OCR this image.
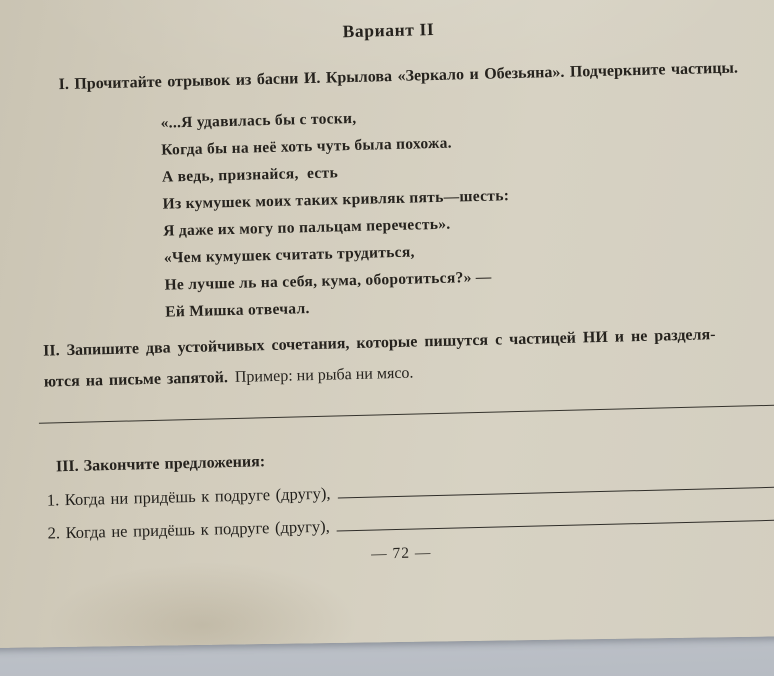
Вариант II
I. Прочитайте отрывок из басни И. Крылова «Зеркало и Обезьяна». Подчеркните частицы.
«...Я удавилась бы с тоски,
Когда бы на неё хоть чуть была похожа.
А ведь, признайся,  есть
Из кумушек моих таких кривляк пять—шесть:
Я даже их могу по пальцам перечесть».
«Чем кумушек считать трудиться,
Не лучше ль на себя, кума, оборотиться?» —
Ей Мишка отвечал.
II. Запишите два устойчивых сочетания, которые пишутся с частицей НИ и не разделя-
ются на письме запятой. Пример: ни рыба ни мясо.
III. Закончите предложения:
1. Когда ни придёшь к подруге (другу),
2. Когда не придёшь к подруге (другу),
— 72 —
